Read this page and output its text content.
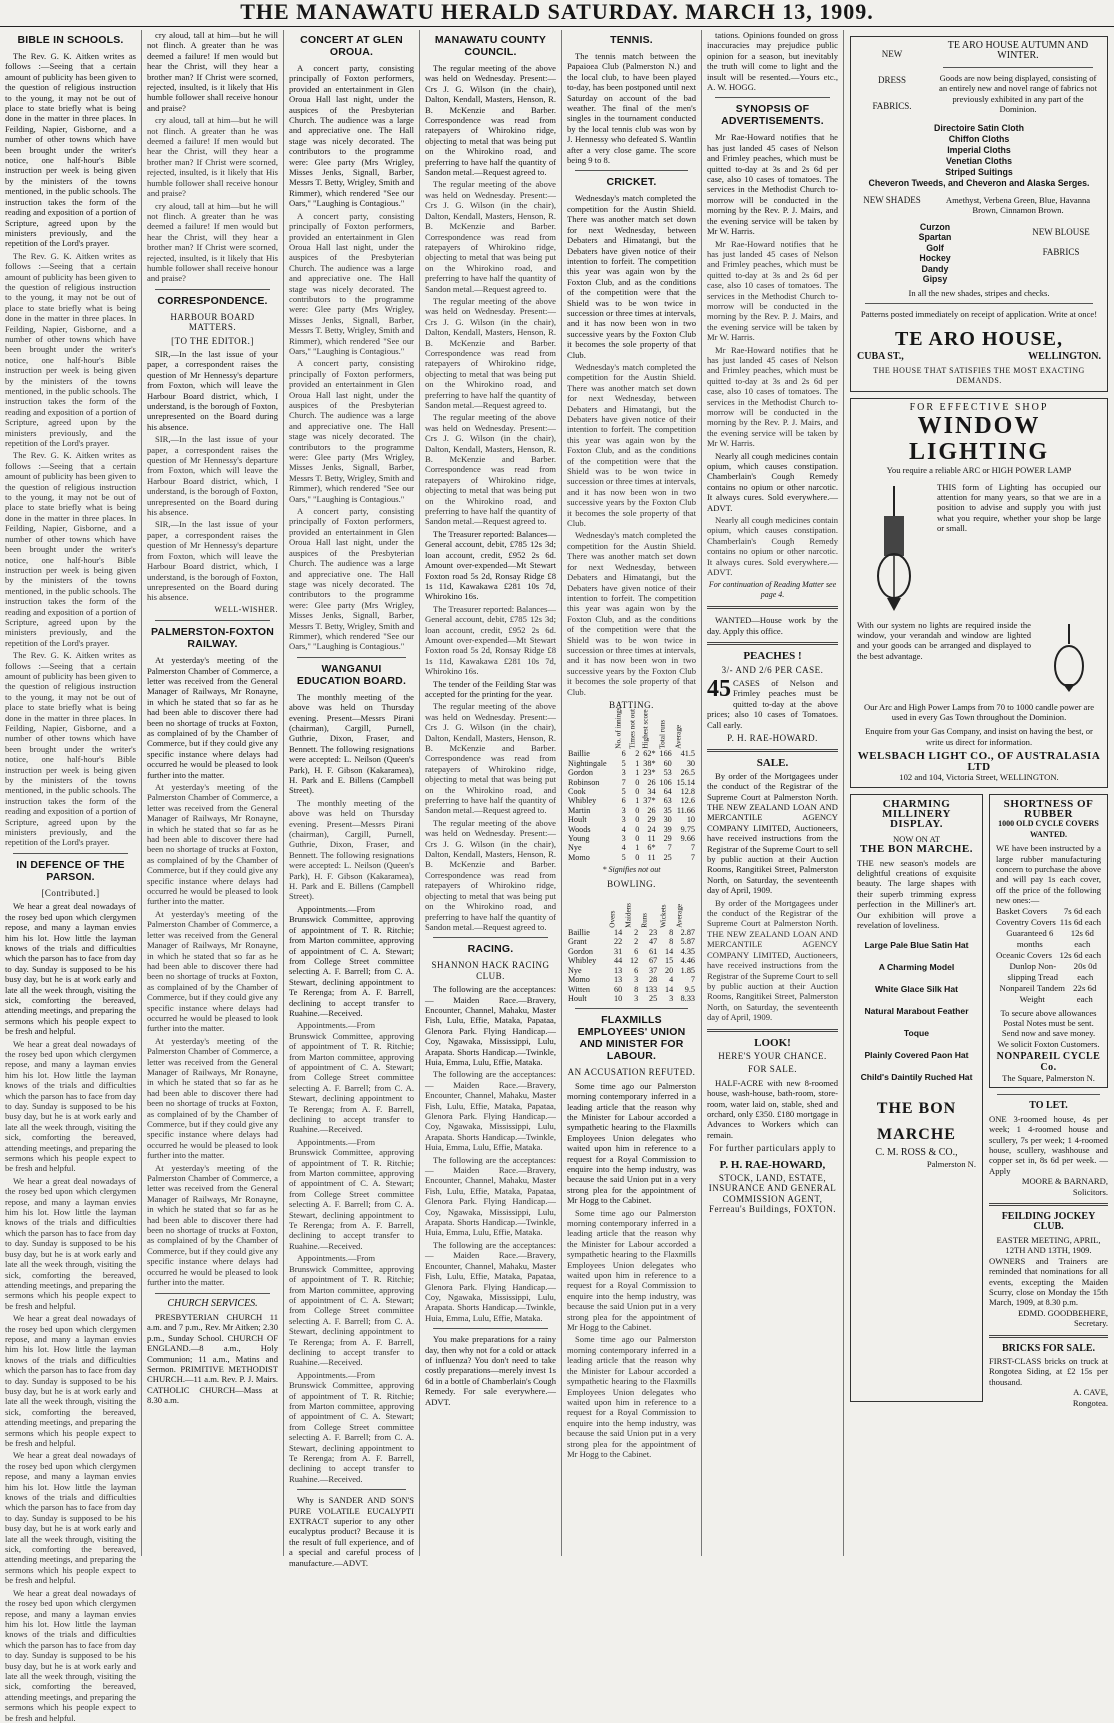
THE MANAWATU HERALD SATURDAY. MARCH 13, 1909.
BIBLE IN SCHOOLS.

The Rev. G. K. Aitken writes as follows :—Seeing that a certain amount of publicity has been given to the question of religious instruction to the young, it may not be out of place to state briefly what is being done in the matter in three places. In Feilding, Napier, Gisborne, and a number of other towns which have been brought under the writer's notice, one half-hour's Bible instruction per week is being given by the ministers of the towns mentioned, in the public schools. The instruction takes the form of the reading and exposition of a portion of Scripture, agreed upon by the ministers previously, and the repetition of the Lord's prayer.

The Rev. G. K. Aitken writes as follows :—Seeing that a certain amount of publicity has been given to the question of religious instruction to the young, it may not be out of place to state briefly what is being done in the matter in three places. In Feilding, Napier, Gisborne, and a number of other towns which have been brought under the writer's notice, one half-hour's Bible instruction per week is being given by the ministers of the towns mentioned, in the public schools. The instruction takes the form of the reading and exposition of a portion of Scripture, agreed upon by the ministers previously, and the repetition of the Lord's prayer.

The Rev. G. K. Aitken writes as follows :—Seeing that a certain amount of publicity has been given to the question of religious instruction to the young, it may not be out of place to state briefly what is being done in the matter in three places. In Feilding, Napier, Gisborne, and a number of other towns which have been brought under the writer's notice, one half-hour's Bible instruction per week is being given by the ministers of the towns mentioned, in the public schools. The instruction takes the form of the reading and exposition of a portion of Scripture, agreed upon by the ministers previously, and the repetition of the Lord's prayer.

The Rev. G. K. Aitken writes as follows :—Seeing that a certain amount of publicity has been given to the question of religious instruction to the young, it may not be out of place to state briefly what is being done in the matter in three places. In Feilding, Napier, Gisborne, and a number of other towns which have been brought under the writer's notice, one half-hour's Bible instruction per week is being given by the ministers of the towns mentioned, in the public schools. The instruction takes the form of the reading and exposition of a portion of Scripture, agreed upon by the ministers previously, and the repetition of the Lord's prayer.

IN DEFENCE OF THE PARSON.
[Contributed.]

We hear a great deal nowadays of the rosey bed upon which clergymen repose, and many a layman envies him his lot. How little the layman knows of the trials and difficulties which the parson has to face from day to day. Sunday is supposed to be his busy day, but he is at work early and late all the week through, visiting the sick, comforting the bereaved, attending meetings, and preparing the sermons which his people expect to be fresh and helpful.

We hear a great deal nowadays of the rosey bed upon which clergymen repose, and many a layman envies him his lot. How little the layman knows of the trials and difficulties which the parson has to face from day to day. Sunday is supposed to be his busy day, but he is at work early and late all the week through, visiting the sick, comforting the bereaved, attending meetings, and preparing the sermons which his people expect to be fresh and helpful.

We hear a great deal nowadays of the rosey bed upon which clergymen repose, and many a layman envies him his lot. How little the layman knows of the trials and difficulties which the parson has to face from day to day. Sunday is supposed to be his busy day, but he is at work early and late all the week through, visiting the sick, comforting the bereaved, attending meetings, and preparing the sermons which his people expect to be fresh and helpful.

We hear a great deal nowadays of the rosey bed upon which clergymen repose, and many a layman envies him his lot. How little the layman knows of the trials and difficulties which the parson has to face from day to day. Sunday is supposed to be his busy day, but he is at work early and late all the week through, visiting the sick, comforting the bereaved, attending meetings, and preparing the sermons which his people expect to be fresh and helpful.

We hear a great deal nowadays of the rosey bed upon which clergymen repose, and many a layman envies him his lot. How little the layman knows of the trials and difficulties which the parson has to face from day to day. Sunday is supposed to be his busy day, but he is at work early and late all the week through, visiting the sick, comforting the bereaved, attending meetings, and preparing the sermons which his people expect to be fresh and helpful.

We hear a great deal nowadays of the rosey bed upon which clergymen repose, and many a layman envies him his lot. How little the layman knows of the trials and difficulties which the parson has to face from day to day. Sunday is supposed to be his busy day, but he is at work early and late all the week through, visiting the sick, comforting the bereaved, attending meetings, and preparing the sermons which his people expect to be fresh and helpful.

cry aloud, tall at him—but he will not flinch. A greater than he was deemed a failure! If men would but hear the Christ, will they hear a brother man? If Christ were scorned, rejected, insulted, is it likely that His humble follower shall receive honour and praise?

cry aloud, tall at him—but he will not flinch. A greater than he was deemed a failure! If men would but hear the Christ, will they hear a brother man? If Christ were scorned, rejected, insulted, is it likely that His humble follower shall receive honour and praise?

cry aloud, tall at him—but he will not flinch. A greater than he was deemed a failure! If men would but hear the Christ, will they hear a brother man? If Christ were scorned, rejected, insulted, is it likely that His humble follower shall receive honour and praise?

CORRESPONDENCE.
HARBOUR BOARD MATTERS.
[TO THE EDITOR.]

SIR,—In the last issue of your paper, a correspondent raises the question of Mr Hennessy's departure from Foxton, which will leave the Harbour Board district, which, I understand, is the borough of Foxton, unrepresented on the Board during his absence.

SIR,—In the last issue of your paper, a correspondent raises the question of Mr Hennessy's departure from Foxton, which will leave the Harbour Board district, which, I understand, is the borough of Foxton, unrepresented on the Board during his absence.

SIR,—In the last issue of your paper, a correspondent raises the question of Mr Hennessy's departure from Foxton, which will leave the Harbour Board district, which, I understand, is the borough of Foxton, unrepresented on the Board during his absence.

WELL-WISHER.
PALMERSTON-FOXTON RAILWAY.

At yesterday's meeting of the Palmerston Chamber of Commerce, a letter was received from the General Manager of Railways, Mr Ronayne, in which he stated that so far as he had been able to discover there had been no shortage of trucks at Foxton, as complained of by the Chamber of Commerce, but if they could give any specific instance where delays had occurred he would be pleased to look further into the matter.

At yesterday's meeting of the Palmerston Chamber of Commerce, a letter was received from the General Manager of Railways, Mr Ronayne, in which he stated that so far as he had been able to discover there had been no shortage of trucks at Foxton, as complained of by the Chamber of Commerce, but if they could give any specific instance where delays had occurred he would be pleased to look further into the matter.

At yesterday's meeting of the Palmerston Chamber of Commerce, a letter was received from the General Manager of Railways, Mr Ronayne, in which he stated that so far as he had been able to discover there had been no shortage of trucks at Foxton, as complained of by the Chamber of Commerce, but if they could give any specific instance where delays had occurred he would be pleased to look further into the matter.

At yesterday's meeting of the Palmerston Chamber of Commerce, a letter was received from the General Manager of Railways, Mr Ronayne, in which he stated that so far as he had been able to discover there had been no shortage of trucks at Foxton, as complained of by the Chamber of Commerce, but if they could give any specific instance where delays had occurred he would be pleased to look further into the matter.

At yesterday's meeting of the Palmerston Chamber of Commerce, a letter was received from the General Manager of Railways, Mr Ronayne, in which he stated that so far as he had been able to discover there had been no shortage of trucks at Foxton, as complained of by the Chamber of Commerce, but if they could give any specific instance where delays had occurred he would be pleased to look further into the matter.

CHURCH SERVICES.

PRESBYTERIAN CHURCH 11 a.m. and 7 p.m., Rev. Mr Aitken; 2.30 p.m., Sunday School. CHURCH OF ENGLAND.—8 a.m., Holy Communion; 11 a.m., Matins and Sermon. PRIMITIVE METHODIST CHURCH.—11 a.m. Rev. P. J. Mairs. CATHOLIC CHURCH—Mass at 8.30 a.m.

CONCERT AT GLEN OROUA.

A concert party, consisting principally of Foxton performers, provided an entertainment in Glen Oroua Hall last night, under the auspices of the Presbyterian Church. The audience was a large and appreciative one. The Hall stage was nicely decorated. The contributors to the programme were: Glee party (Mrs Wrigley, Misses Jenks, Signall, Barber, Messrs T. Betty, Wrigley, Smith and Rimmer), which rendered "See our Oars," "Laughing is Contagious."

A concert party, consisting principally of Foxton performers, provided an entertainment in Glen Oroua Hall last night, under the auspices of the Presbyterian Church. The audience was a large and appreciative one. The Hall stage was nicely decorated. The contributors to the programme were: Glee party (Mrs Wrigley, Misses Jenks, Signall, Barber, Messrs T. Betty, Wrigley, Smith and Rimmer), which rendered "See our Oars," "Laughing is Contagious."

A concert party, consisting principally of Foxton performers, provided an entertainment in Glen Oroua Hall last night, under the auspices of the Presbyterian Church. The audience was a large and appreciative one. The Hall stage was nicely decorated. The contributors to the programme were: Glee party (Mrs Wrigley, Misses Jenks, Signall, Barber, Messrs T. Betty, Wrigley, Smith and Rimmer), which rendered "See our Oars," "Laughing is Contagious."

A concert party, consisting principally of Foxton performers, provided an entertainment in Glen Oroua Hall last night, under the auspices of the Presbyterian Church. The audience was a large and appreciative one. The Hall stage was nicely decorated. The contributors to the programme were: Glee party (Mrs Wrigley, Misses Jenks, Signall, Barber, Messrs T. Betty, Wrigley, Smith and Rimmer), which rendered "See our Oars," "Laughing is Contagious."

WANGANUI EDUCATION BOARD.

The monthly meeting of the above was held on Thursday evening. Present—Messrs Pirani (chairman), Cargill, Purnell, Guthrie, Dixon, Fraser, and Bennett. The following resignations were accepted: L. Neilson (Queen's Park), H. F. Gibson (Kakaramea), H. Park and E. Billens (Campbell Street).

The monthly meeting of the above was held on Thursday evening. Present—Messrs Pirani (chairman), Cargill, Purnell, Guthrie, Dixon, Fraser, and Bennett. The following resignations were accepted: L. Neilson (Queen's Park), H. F. Gibson (Kakaramea), H. Park and E. Billens (Campbell Street).

Appointments.—From Brunswick Committee, approving of appointment of T. R. Ritchie; from Marton committee, approving of appointment of C. A. Stewart; from College Street committee selecting A. F. Barrell; from C. A. Stewart, declining appointment to Te Rerenga; from A. F. Barrell, declining to accept transfer to Ruahine.—Received.

Appointments.—From Brunswick Committee, approving of appointment of T. R. Ritchie; from Marton committee, approving of appointment of C. A. Stewart; from College Street committee selecting A. F. Barrell; from C. A. Stewart, declining appointment to Te Rerenga; from A. F. Barrell, declining to accept transfer to Ruahine.—Received.

Appointments.—From Brunswick Committee, approving of appointment of T. R. Ritchie; from Marton committee, approving of appointment of C. A. Stewart; from College Street committee selecting A. F. Barrell; from C. A. Stewart, declining appointment to Te Rerenga; from A. F. Barrell, declining to accept transfer to Ruahine.—Received.

Appointments.—From Brunswick Committee, approving of appointment of T. R. Ritchie; from Marton committee, approving of appointment of C. A. Stewart; from College Street committee selecting A. F. Barrell; from C. A. Stewart, declining appointment to Te Rerenga; from A. F. Barrell, declining to accept transfer to Ruahine.—Received.

Appointments.—From Brunswick Committee, approving of appointment of T. R. Ritchie; from Marton committee, approving of appointment of C. A. Stewart; from College Street committee selecting A. F. Barrell; from C. A. Stewart, declining appointment to Te Rerenga; from A. F. Barrell, declining to accept transfer to Ruahine.—Received.

Why is SANDER AND SON'S PURE VOLATILE EUCALYPTI EXTRACT superior to any other eucalyptus product? Because it is the result of full experience, and of a special and careful process of manufacture.—ADVT.

MANAWATU COUNTY COUNCIL.

The regular meeting of the above was held on Wednesday. Present:—Crs J. G. Wilson (in the chair), Dalton, Kendall, Masters, Henson, R. B. McKenzie and Barber. Correspondence was read from ratepayers of Whirokino ridge, objecting to metal that was being put on the Whirokino road, and preferring to have half the quantity of Sandon metal.—Request agreed to.

The regular meeting of the above was held on Wednesday. Present:—Crs J. G. Wilson (in the chair), Dalton, Kendall, Masters, Henson, R. B. McKenzie and Barber. Correspondence was read from ratepayers of Whirokino ridge, objecting to metal that was being put on the Whirokino road, and preferring to have half the quantity of Sandon metal.—Request agreed to.

The regular meeting of the above was held on Wednesday. Present:—Crs J. G. Wilson (in the chair), Dalton, Kendall, Masters, Henson, R. B. McKenzie and Barber. Correspondence was read from ratepayers of Whirokino ridge, objecting to metal that was being put on the Whirokino road, and preferring to have half the quantity of Sandon metal.—Request agreed to.

The regular meeting of the above was held on Wednesday. Present:—Crs J. G. Wilson (in the chair), Dalton, Kendall, Masters, Henson, R. B. McKenzie and Barber. Correspondence was read from ratepayers of Whirokino ridge, objecting to metal that was being put on the Whirokino road, and preferring to have half the quantity of Sandon metal.—Request agreed to.

The Treasurer reported: Balances—General account, debit, £785 12s 3d; loan account, credit, £952 2s 6d. Amount over-expended—Mt Stewart Foxton road 5s 2d, Ronsay Ridge £8 1s 11d, Kawakawa £281 10s 7d, Whirokino 16s.

The Treasurer reported: Balances—General account, debit, £785 12s 3d; loan account, credit, £952 2s 6d. Amount over-expended—Mt Stewart Foxton road 5s 2d, Ronsay Ridge £8 1s 11d, Kawakawa £281 10s 7d, Whirokino 16s.

The tender of the Feilding Star was accepted for the printing for the year.

The regular meeting of the above was held on Wednesday. Present:—Crs J. G. Wilson (in the chair), Dalton, Kendall, Masters, Henson, R. B. McKenzie and Barber. Correspondence was read from ratepayers of Whirokino ridge, objecting to metal that was being put on the Whirokino road, and preferring to have half the quantity of Sandon metal.—Request agreed to.

The regular meeting of the above was held on Wednesday. Present:—Crs J. G. Wilson (in the chair), Dalton, Kendall, Masters, Henson, R. B. McKenzie and Barber. Correspondence was read from ratepayers of Whirokino ridge, objecting to metal that was being put on the Whirokino road, and preferring to have half the quantity of Sandon metal.—Request agreed to.

RACING.
SHANNON HACK RACING CLUB.

The following are the acceptances:— Maiden Race.—Bravery, Encounter, Channel, Mahaku, Master Fish, Lulu, Effie, Mataka, Papataa, Glenora Park. Flying Handicap.—Coy, Ngawaka, Mississippi, Lulu, Arapata. Shorts Handicap.—Twinkle, Huia, Emma, Lulu, Effie, Mataka.

The following are the acceptances:— Maiden Race.—Bravery, Encounter, Channel, Mahaku, Master Fish, Lulu, Effie, Mataka, Papataa, Glenora Park. Flying Handicap.—Coy, Ngawaka, Mississippi, Lulu, Arapata. Shorts Handicap.—Twinkle, Huia, Emma, Lulu, Effie, Mataka.

The following are the acceptances:— Maiden Race.—Bravery, Encounter, Channel, Mahaku, Master Fish, Lulu, Effie, Mataka, Papataa, Glenora Park. Flying Handicap.—Coy, Ngawaka, Mississippi, Lulu, Arapata. Shorts Handicap.—Twinkle, Huia, Emma, Lulu, Effie, Mataka.

The following are the acceptances:— Maiden Race.—Bravery, Encounter, Channel, Mahaku, Master Fish, Lulu, Effie, Mataka, Papataa, Glenora Park. Flying Handicap.—Coy, Ngawaka, Mississippi, Lulu, Arapata. Shorts Handicap.—Twinkle, Huia, Emma, Lulu, Effie, Mataka.

You make preparations for a rainy day, then why not for a cold or attack of influenza? You don't need to take costly preparations—merely invest 1s 6d in a bottle of Chamberlain's Cough Remedy. For sale everywhere.—ADVT.

TENNIS.

The tennis match between the Papaioea Club (Palmerston N.) and the local club, to have been played to-day, has been postponed until next Saturday on account of the bad weather. The final of the men's singles in the tournament conducted by the local tennis club was won by J. Hennessy who defeated S. Wantlin after a very close game. The score being 9 to 8.

CRICKET.

Wednesday's match completed the competition for the Austin Shield. There was another match set down for next Wednesday, between Debaters and Himatangi, but the Debaters have given notice of their intention to forfeit. The competition this year was again won by the Foxton Club, and as the conditions of the competition were that the Shield was to be won twice in succession or three times at intervals, and it has now been won in two successive years by the Foxton Club it becomes the sole property of that Club.

Wednesday's match completed the competition for the Austin Shield. There was another match set down for next Wednesday, between Debaters and Himatangi, but the Debaters have given notice of their intention to forfeit. The competition this year was again won by the Foxton Club, and as the conditions of the competition were that the Shield was to be won twice in succession or three times at intervals, and it has now been won in two successive years by the Foxton Club it becomes the sole property of that Club.

Wednesday's match completed the competition for the Austin Shield. There was another match set down for next Wednesday, between Debaters and Himatangi, but the Debaters have given notice of their intention to forfeit. The competition this year was again won by the Foxton Club, and as the conditions of the competition were that the Shield was to be won twice in succession or three times at intervals, and it has now been won in two successive years by the Foxton Club it becomes the sole property of that Club.

BATTING.
	No. of innings	Times not out	Highest score	Total runs	Average
Baillie	6	2	62*	166	41.5
Nightingale	5	1	38*	60	30
Gordon	3	1	23*	53	26.5
Robinson	7	0	26	106	15.14
Cook	5	0	34	64	12.8
Whibley	6	1	37*	63	12.6
Martin	3	0	26	35	11.66
Hoult	3	0	29	30	10
Woods	4	0	24	39	9.75
Young	3	0	11	29	9.66
Nye	4	1	6*	7	7
Momo	5	0	11	25	7
* Signifies not out
BOWLING.
	Overs	Maidens	Runs	Wickets	Average
Baillie	14	2	23	8	2.87
Grant	22	2	47	8	5.87
Gordon	31	6	61	14	4.35
Whibley	44	12	67	15	4.46
Nye	13	6	37	20	1.85
Momo	13	3	28	4	7
Witten	60	8	133	14	9.5
Hoult	10	3	25	3	8.33
FLAXMILLS EMPLOYEES' UNION AND MINISTER FOR LABOUR.
AN ACCUSATION REFUTED.

Some time ago our Palmerston morning contemporary inferred in a leading article that the reason why the Minister for Labour accorded a sympathetic hearing to the Flaxmills Employees Union delegates who waited upon him in reference to a request for a Royal Commission to enquire into the hemp industry, was because the said Union put in a very strong plea for the appointment of Mr Hogg to the Cabinet.

Some time ago our Palmerston morning contemporary inferred in a leading article that the reason why the Minister for Labour accorded a sympathetic hearing to the Flaxmills Employees Union delegates who waited upon him in reference to a request for a Royal Commission to enquire into the hemp industry, was because the said Union put in a very strong plea for the appointment of Mr Hogg to the Cabinet.

Some time ago our Palmerston morning contemporary inferred in a leading article that the reason why the Minister for Labour accorded a sympathetic hearing to the Flaxmills Employees Union delegates who waited upon him in reference to a request for a Royal Commission to enquire into the hemp industry, was because the said Union put in a very strong plea for the appointment of Mr Hogg to the Cabinet.

tations. Opinions founded on gross inaccuracies may prejudice public opinion for a season, but inevitably the truth will come to light and the insult will be resented.—Yours etc., A. W. HOGG.

SYNOPSIS OF ADVERTISEMENTS.

Mr Rae-Howard notifies that he has just landed 45 cases of Nelson and Frimley peaches, which must be quitted to-day at 3s and 2s 6d per case, also 10 cases of tomatoes. The services in the Methodist Church to-morrow will be conducted in the morning by the Rev. P. J. Mairs, and the evening service will be taken by Mr W. Harris.

Mr Rae-Howard notifies that he has just landed 45 cases of Nelson and Frimley peaches, which must be quitted to-day at 3s and 2s 6d per case, also 10 cases of tomatoes. The services in the Methodist Church to-morrow will be conducted in the morning by the Rev. P. J. Mairs, and the evening service will be taken by Mr W. Harris.

Mr Rae-Howard notifies that he has just landed 45 cases of Nelson and Frimley peaches, which must be quitted to-day at 3s and 2s 6d per case, also 10 cases of tomatoes. The services in the Methodist Church to-morrow will be conducted in the morning by the Rev. P. J. Mairs, and the evening service will be taken by Mr W. Harris.

Nearly all cough medicines contain opium, which causes constipation. Chamberlain's Cough Remedy contains no opium or other narcotic. It always cures. Sold everywhere.—ADVT.

Nearly all cough medicines contain opium, which causes constipation. Chamberlain's Cough Remedy contains no opium or other narcotic. It always cures. Sold everywhere.—ADVT.

For continuation of Reading Matter see page 4.

WANTED—House work by the day. Apply this office.

PEACHES !
3/- AND 2/6 PER CASE.
45 CASES of Nelson and Frimley peaches must be quitted to-day at the above prices; also 10 cases of Tomatoes. Call early.
P. H. RAE-HOWARD.
SALE.

By order of the Mortgagees under the conduct of the Registrar of the Supreme Court at Palmerston North. THE NEW ZEALAND LOAN AND MERCANTILE AGENCY COMPANY LIMITED, Auctioneers, have received instructions from the Registrar of the Supreme Court to sell by public auction at their Auction Rooms, Rangitikei Street, Palmerston North, on Saturday, the seventeenth day of April, 1909.

By order of the Mortgagees under the conduct of the Registrar of the Supreme Court at Palmerston North. THE NEW ZEALAND LOAN AND MERCANTILE AGENCY COMPANY LIMITED, Auctioneers, have received instructions from the Registrar of the Supreme Court to sell by public auction at their Auction Rooms, Rangitikei Street, Palmerston North, on Saturday, the seventeenth day of April, 1909.

LOOK!
HERE'S YOUR CHANCE.
FOR SALE.

HALF-ACRE with new 8-roomed house, wash-house, bath-room, store-room, water laid on, stable, shed and orchard, only £350. £180 mortgage in Advances to Workers which can remain.

For further particulars apply to
P. H. RAE-HOWARD,
STOCK, LAND, ESTATE, INSURANCE AND GENERAL COMMISSION AGENT, Ferreau's Buildings, FOXTON.
NEW
DRESS
FABRICS.
TE ARO HOUSE AUTUMN AND WINTER.
Goods are now being displayed, consisting of an entirely new and novel range of fabrics not previously exhibited in any part of the Dominion.
Directoire Satin Cloth
Chiffon Cloths
Imperial Cloths
Venetian Cloths
Striped Suitings
Cheveron Tweeds, and Cheveron and Alaska Serges.
NEW SHADES	Amethyst, Verbena Green, Blue, Havanna Brown, Cinnamon Brown.
Curzon
Spartan
Golf
Hockey
Dandy
Gipsy
NEW BLOUSE FABRICS
In all the new shades, stripes and checks.
Patterns posted immediately on receipt of application. Write at once!
TE ARO HOUSE,
CUBA ST.,	WELLINGTON.
THE HOUSE THAT SATISFIES THE MOST EXACTING DEMANDS.
FOR EFFECTIVE SHOP
WINDOW LIGHTING
You require a reliable ARC or HIGH POWER LAMP
THIS form of Lighting has occupied our attention for many years, so that we are in a position to advise and supply you with just what you require, whether your shop be large or small.
With our system no lights are required inside the window, your verandah and window are lighted and your goods can be arranged and displayed to the best advantage.
Our Arc and High Power Lamps from 70 to 1000 candle power are used in every Gas Town throughout the Dominion.
Enquire from your Gas Company, and insist on having the best, or write us direct for information.
WELSBACH LIGHT CO., OF AUSTRALASIA LTD
102 and 104, Victoria Street, WELLINGTON.
CHARMING MILLINERY DISPLAY.
NOW ON AT
THE BON MARCHE.
THE new season's models are delightful creations of exquisite beauty. The large shapes with their superb trimming express perfection in the Milliner's art. Our exhibition will prove a revelation of loveliness.
Large Pale Blue Satin Hat
A Charming Model
White Glace Silk Hat
Natural Marabout Feather Toque
Plainly Covered Paon Hat
Child's Daintily Ruched Hat
THE BON MARCHE
C. M. ROSS & CO.,
Palmerston N.
SHORTNESS OF RUBBER
1000 OLD CYCLE COVERS WANTED.
WE have been instructed by a large rubber manufacturing concern to purchase the above and will pay 1s each cover, off the price of the following new ones:—
Basket Covers 7s 6d each
Coventry Covers 11s 6d each
Guaranteed 6 months
12s 6d each
Oceanic Covers 12s 6d each
Dunlop Non-slipping Tread
20s 0d each
Nonpareil Tandem Weight
22s 6d each
To secure above allowances Postal Notes must be sent. Send now and save money. We solicit Foxton Customers.
NONPAREIL CYCLE Co.
The Square, Palmerston N.
TO LET.
ONE 3-roomed house, 4s per week; 1 4-roomed house and scullery, 7s per week; 1 4-roomed house, scullery, washhouse and copper set in, 8s 6d per week. —Apply
MOORE & BARNARD,
Solicitors.
FEILDING JOCKEY CLUB.
EASTER MEETING, APRIL, 12TH AND 13TH, 1909.
OWNERS and Trainers are reminded that nominations for all events, excepting the Maiden Scurry, close on Monday the 15th March, 1909, at 8.30 p.m.
EDMD. GOODBEHERE,
Secretary.
BRICKS FOR SALE.
FIRST-CLASS bricks on truck at Rongotea Siding, at £2 15s per thousand.
A. CAVE,
Rongotea.
